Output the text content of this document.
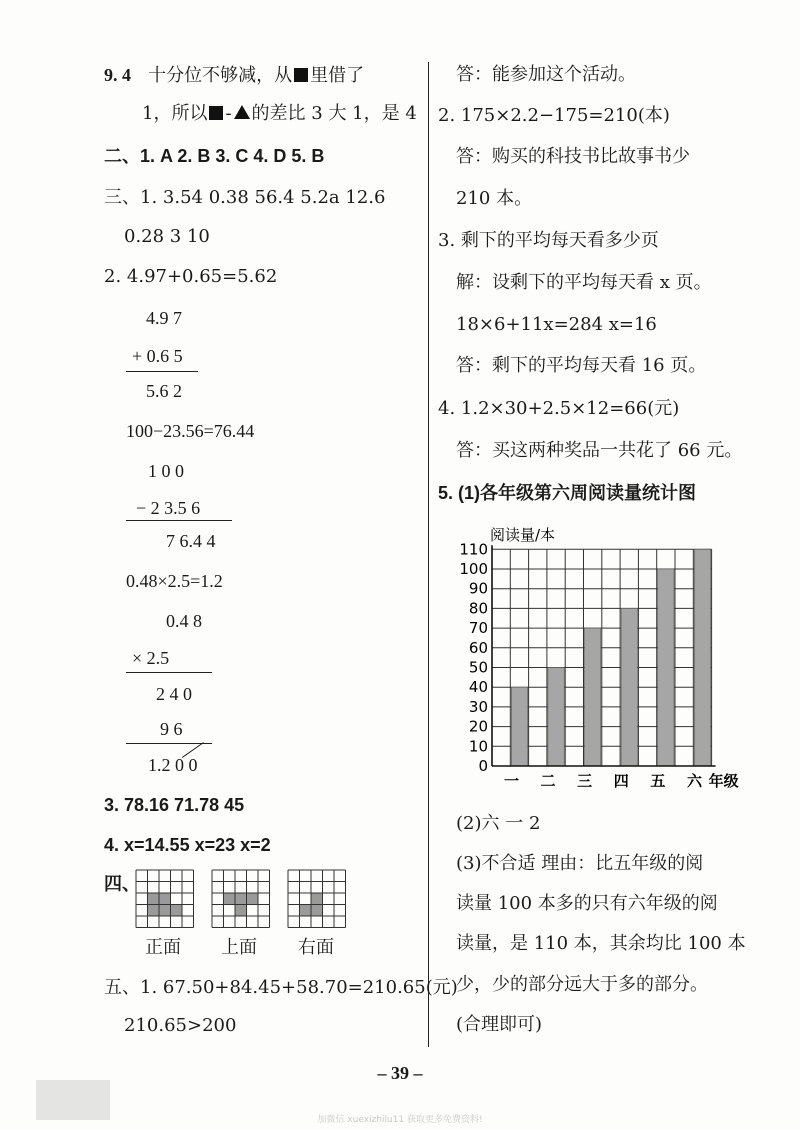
9. 4 十分位不够减，从 里借了
1，所以 - 的差比 3 大 1，是 4
二、1. A 2. B 3. C 4. D 5. B
三、1. 3.54 0.38 56.4 5.2a 12.6
0.28 3 10
2. 4.97+0.65=5.62
4.9 7
+ 0.6 5
5.6 2
100−23.56=76.44
1 0 0
− 2 3.5 6
7 6.4 4
0.48×2.5=1.2
0.4 8
× 2.5
2 4 0
9 6
1.2 0 0
3. 78.16 71.78 45
4. x=14.55 x=23 x=2
四、
正面 上面 右面
五、1. 67.50+84.45+58.70=210.65(元)
210.65>200
答：能参加这个活动。
2. 175×2.2−175=210(本)
答：购买的科技书比故事书少
210 本。
3. 剩下的平均每天看多少页
解：设剩下的平均每天看 x 页。
18×6+11x=284 x=16
答：剩下的平均每天看 16 页。
4. 1.2×30+2.5×12=66(元)
答：买这两种奖品一共花了 66 元。
5. (1)各年级第六周阅读量统计图
阅读量/本
0
10
20
30
40
50
60
70
80
90
100
110
一 二 三 四 五 六 年级
(2)六 一 2
(3)不合适 理由：比五年级的阅
读量 100 本多的只有六年级的阅
读量，是 110 本，其余均比 100 本
少，少的部分远大于多的部分。
(合理即可)
– 39 –
加微信 xuexizhilu11 获取更多免费资料!
